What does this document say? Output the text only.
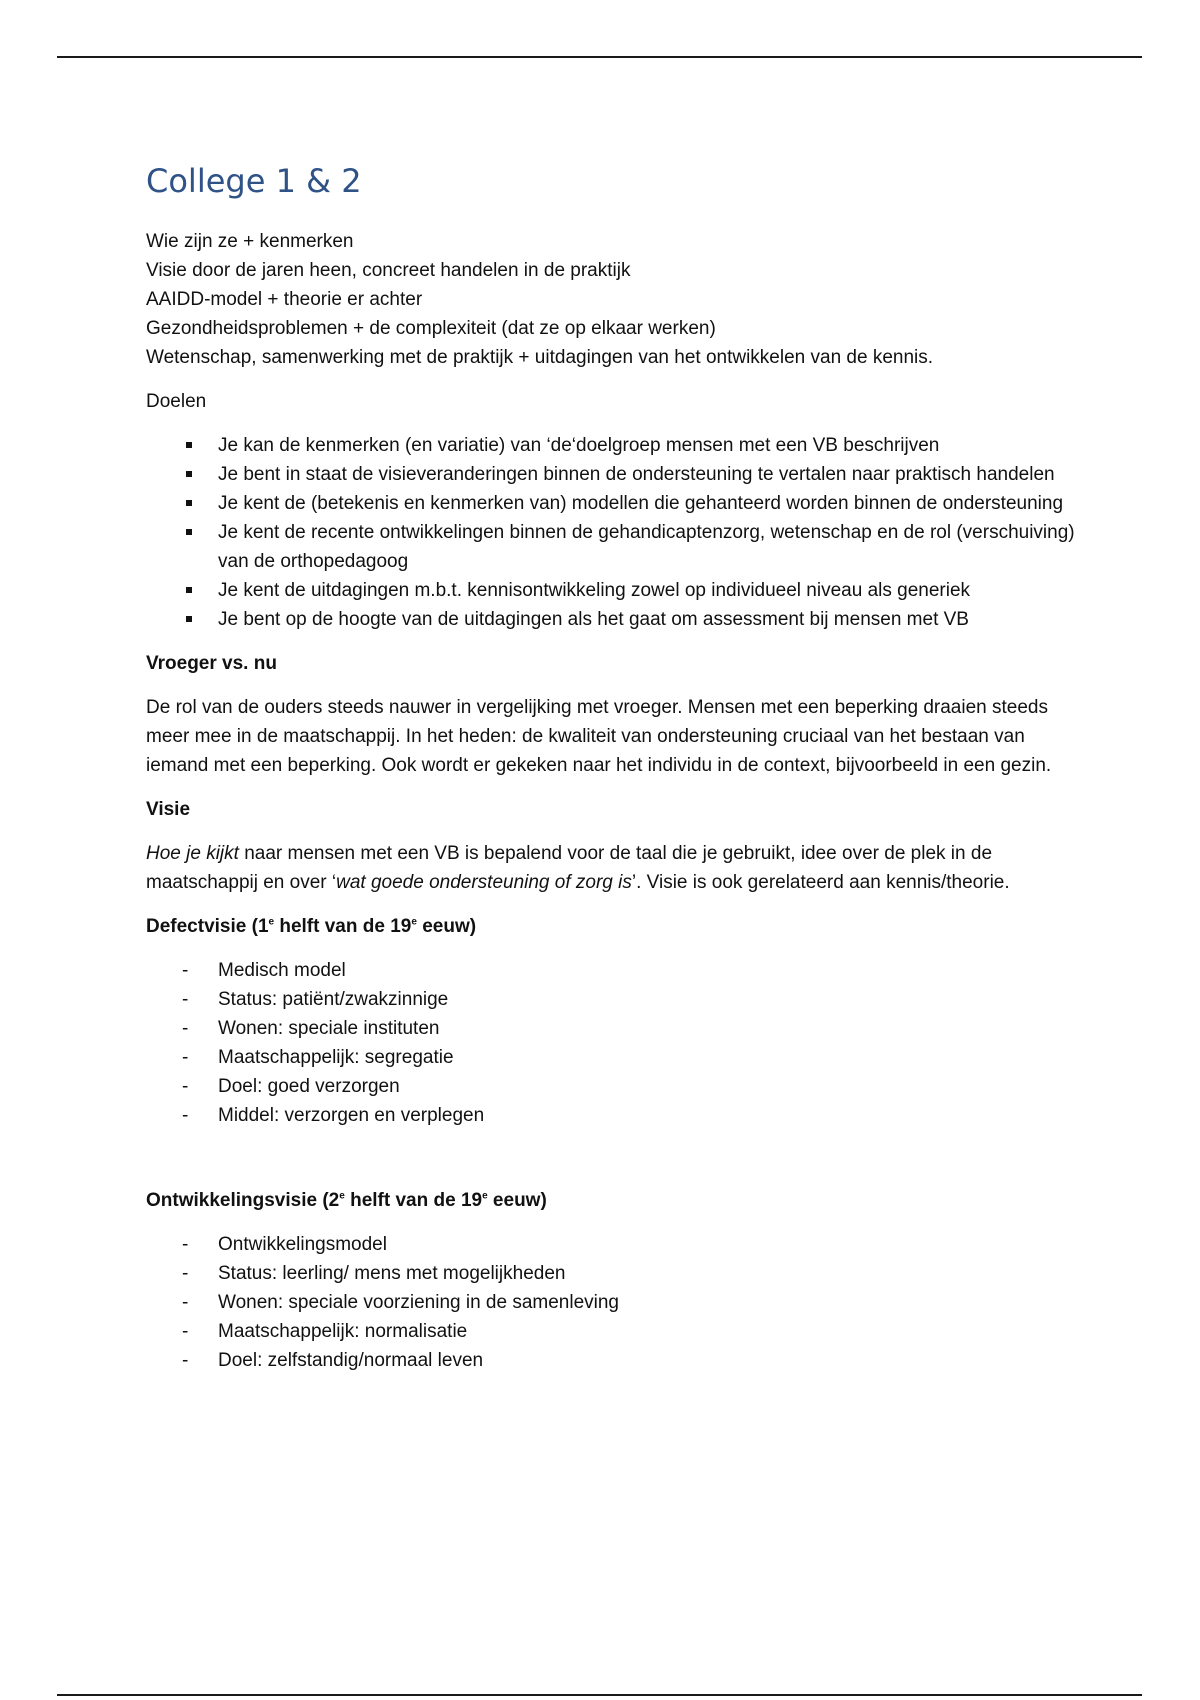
College 1 & 2

Wie zijn ze + kenmerken

Visie door de jaren heen, concreet handelen in de praktijk

AAIDD-model + theorie er achter

Gezondheidsproblemen + de complexiteit (dat ze op elkaar werken)

Wetenschap, samenwerking met de praktijk + uitdagingen van het ontwikkelen van de kennis.

Doelen

Je kan de kenmerken (en variatie) van ‘de‘doelgroep mensen met een VB beschrijven
Je bent in staat de visieveranderingen binnen de ondersteuning te vertalen naar praktisch handelen
Je kent de (betekenis en kenmerken van) modellen die gehanteerd worden binnen de ondersteuning
Je kent de recente ontwikkelingen binnen de gehandicaptenzorg, wetenschap en de rol (verschuiving) van de orthopedagoog
Je kent de uitdagingen m.b.t. kennisontwikkeling zowel op individueel niveau als generiek
Je bent op de hoogte van de uitdagingen als het gaat om assessment bij mensen met VB

Vroeger vs. nu

De rol van de ouders steeds nauwer in vergelijking met vroeger. Mensen met een beperking draaien steeds meer mee in de maatschappij. In het heden: de kwaliteit van ondersteuning cruciaal van het bestaan van iemand met een beperking. Ook wordt er gekeken naar het individu in de context, bijvoorbeeld in een gezin.

Visie

Hoe je kijkt naar mensen met een VB is bepalend voor de taal die je gebruikt, idee over de plek in de maatschappij en over ‘wat goede ondersteuning of zorg is’. Visie is ook gerelateerd aan kennis/theorie.

Defectvisie (1e helft van de 19e eeuw)

- Medisch model
- Status: patiënt/zwakzinnige
- Wonen: speciale instituten
- Maatschappelijk: segregatie
- Doel: goed verzorgen
- Middel: verzorgen en verplegen

Ontwikkelingsvisie (2e helft van de 19e eeuw)

- Ontwikkelingsmodel
- Status: leerling/ mens met mogelijkheden
- Wonen: speciale voorziening in de samenleving
- Maatschappelijk: normalisatie
- Doel: zelfstandig/normaal leven
